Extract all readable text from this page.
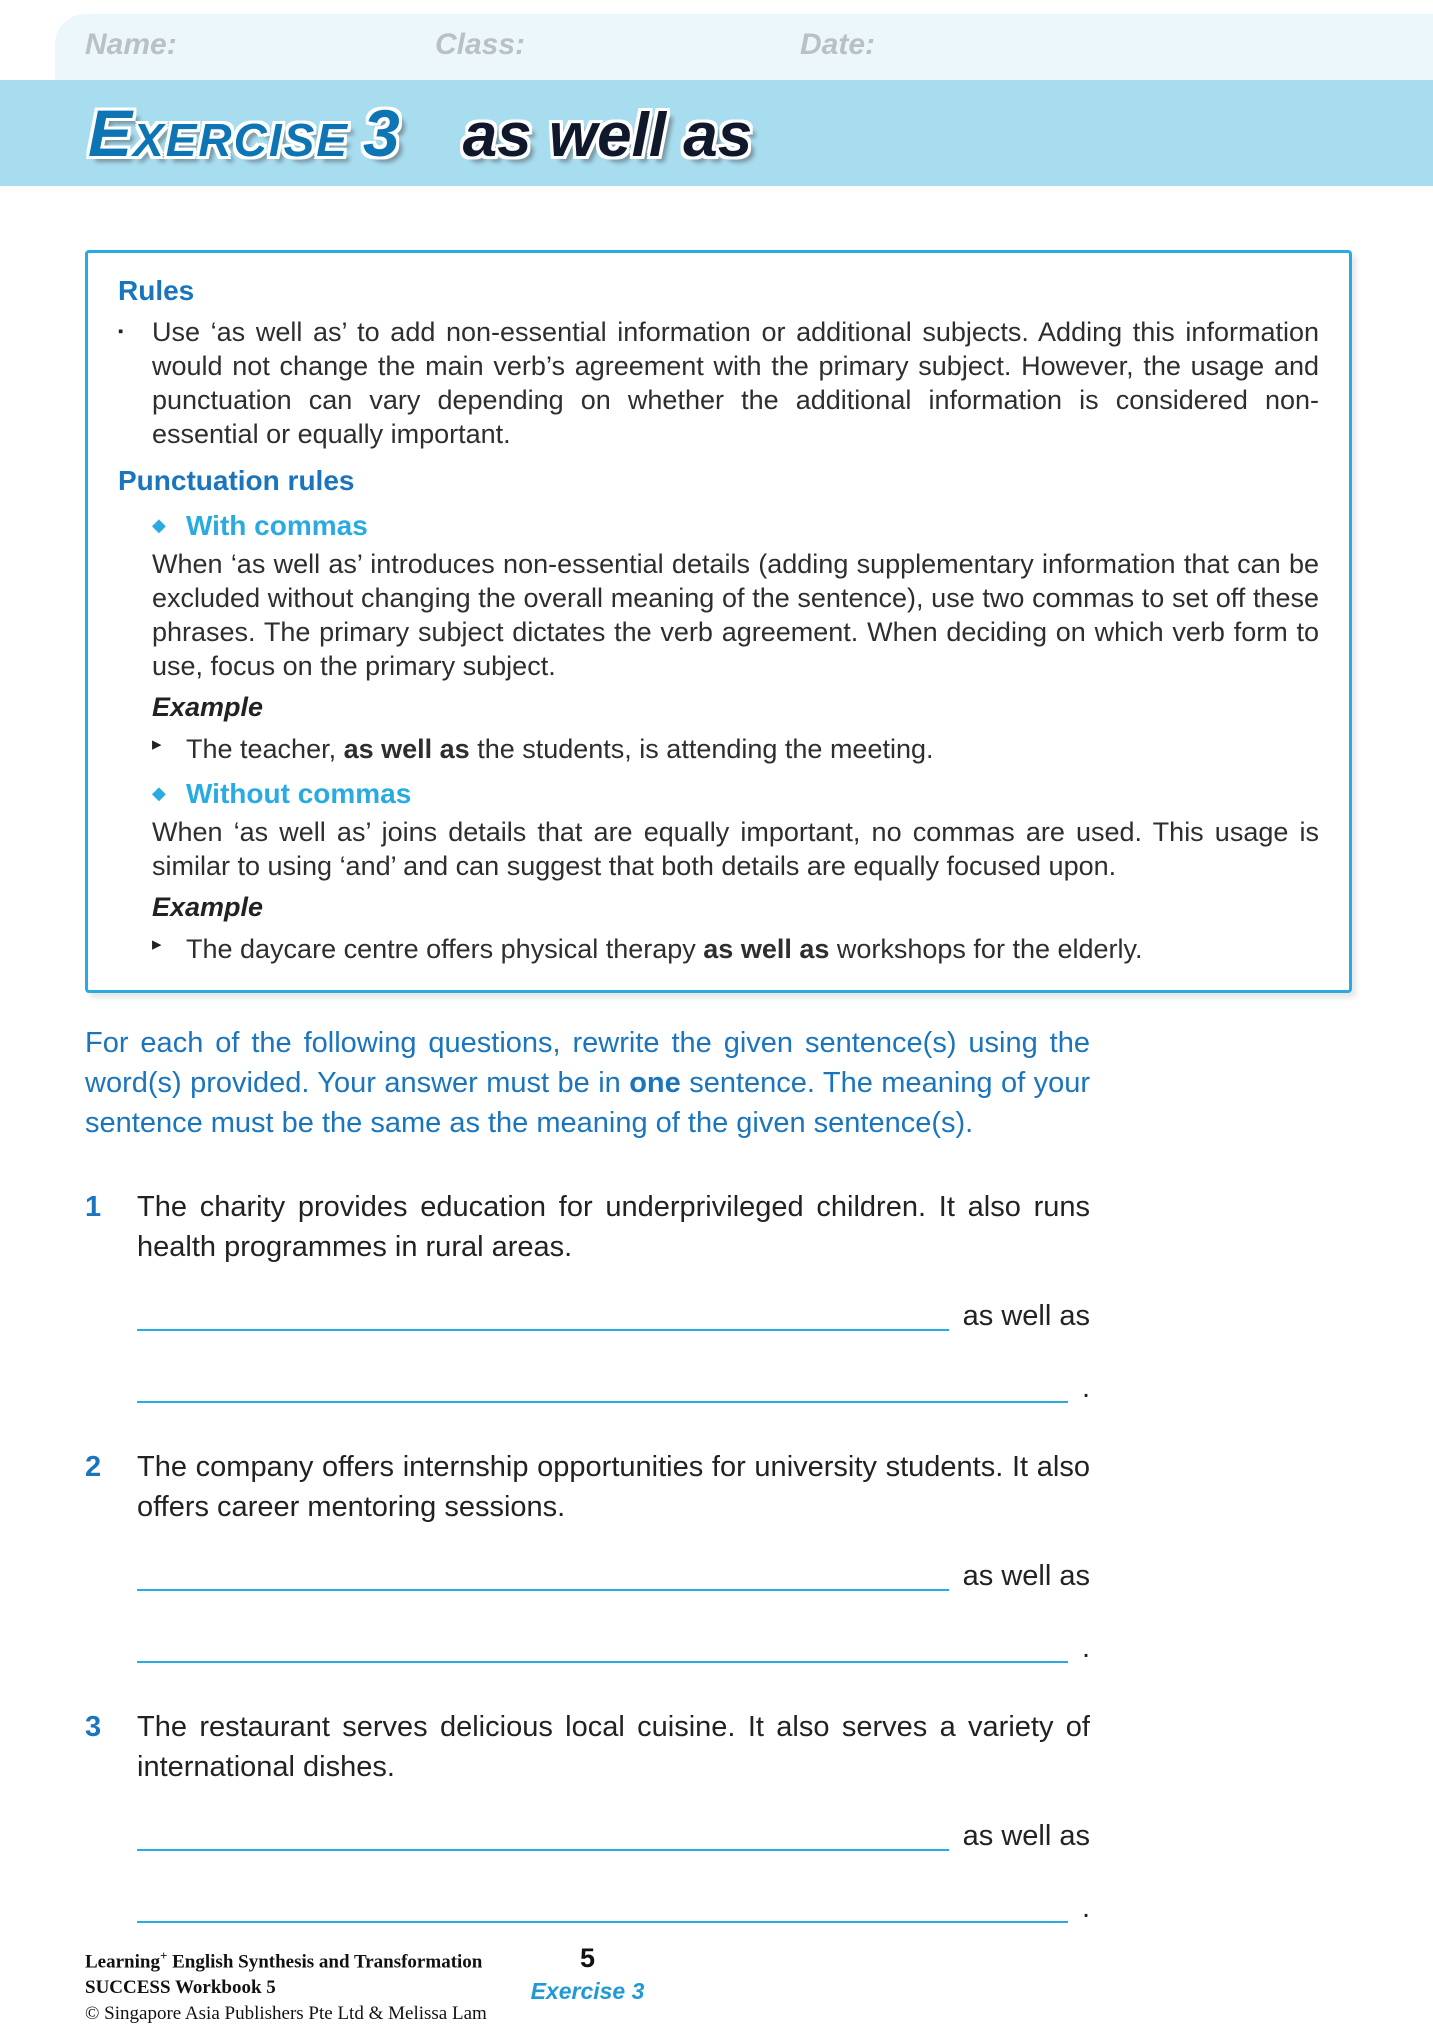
Name:	Class:	Date:
EXERCISE 3 as well as
Rules
▪	Use ‘as well as’ to add non-essential information or additional subjects. Adding this information would not change the main verb’s agreement with the primary subject. However, the usage and punctuation can vary depending on whether the additional information is considered non-essential or equally important.

Punctuation rules
◆ With commas

When ‘as well as’ introduces non-essential details (adding supplementary information that can be excluded without changing the overall meaning of the sentence), use two commas to set off these phrases. The primary subject dictates the verb agreement. When deciding on which verb form to use, focus on the primary subject.

Example
▸ The teacher, as well as the students, is attending the meeting.

◆ Without commas

When ‘as well as’ joins details that are equally important, no commas are used. This usage is similar to using ‘and’ and can suggest that both details are equally focused upon.

Example
▸ The daycare centre offers physical therapy as well as workshops for the elderly.

For each of the following questions, rewrite the given sentence(s) using the word(s) provided. Your answer must be in one sentence. The meaning of your sentence must be the same as the meaning of the given sentence(s).

1	The charity provides education for underprivileged children. It also runs health programmes in rural areas.

as well as
.
2	The company offers internship opportunities for university students. It also offers career mentoring sessions.

as well as
.
3	The restaurant serves delicious local cuisine. It also serves a variety of international dishes.

as well as
.
Learning+ English Synthesis and Transformation
SUCCESS Workbook 5
© Singapore Asia Publishers Pte Ltd & Melissa Lam
5
Exercise 3
